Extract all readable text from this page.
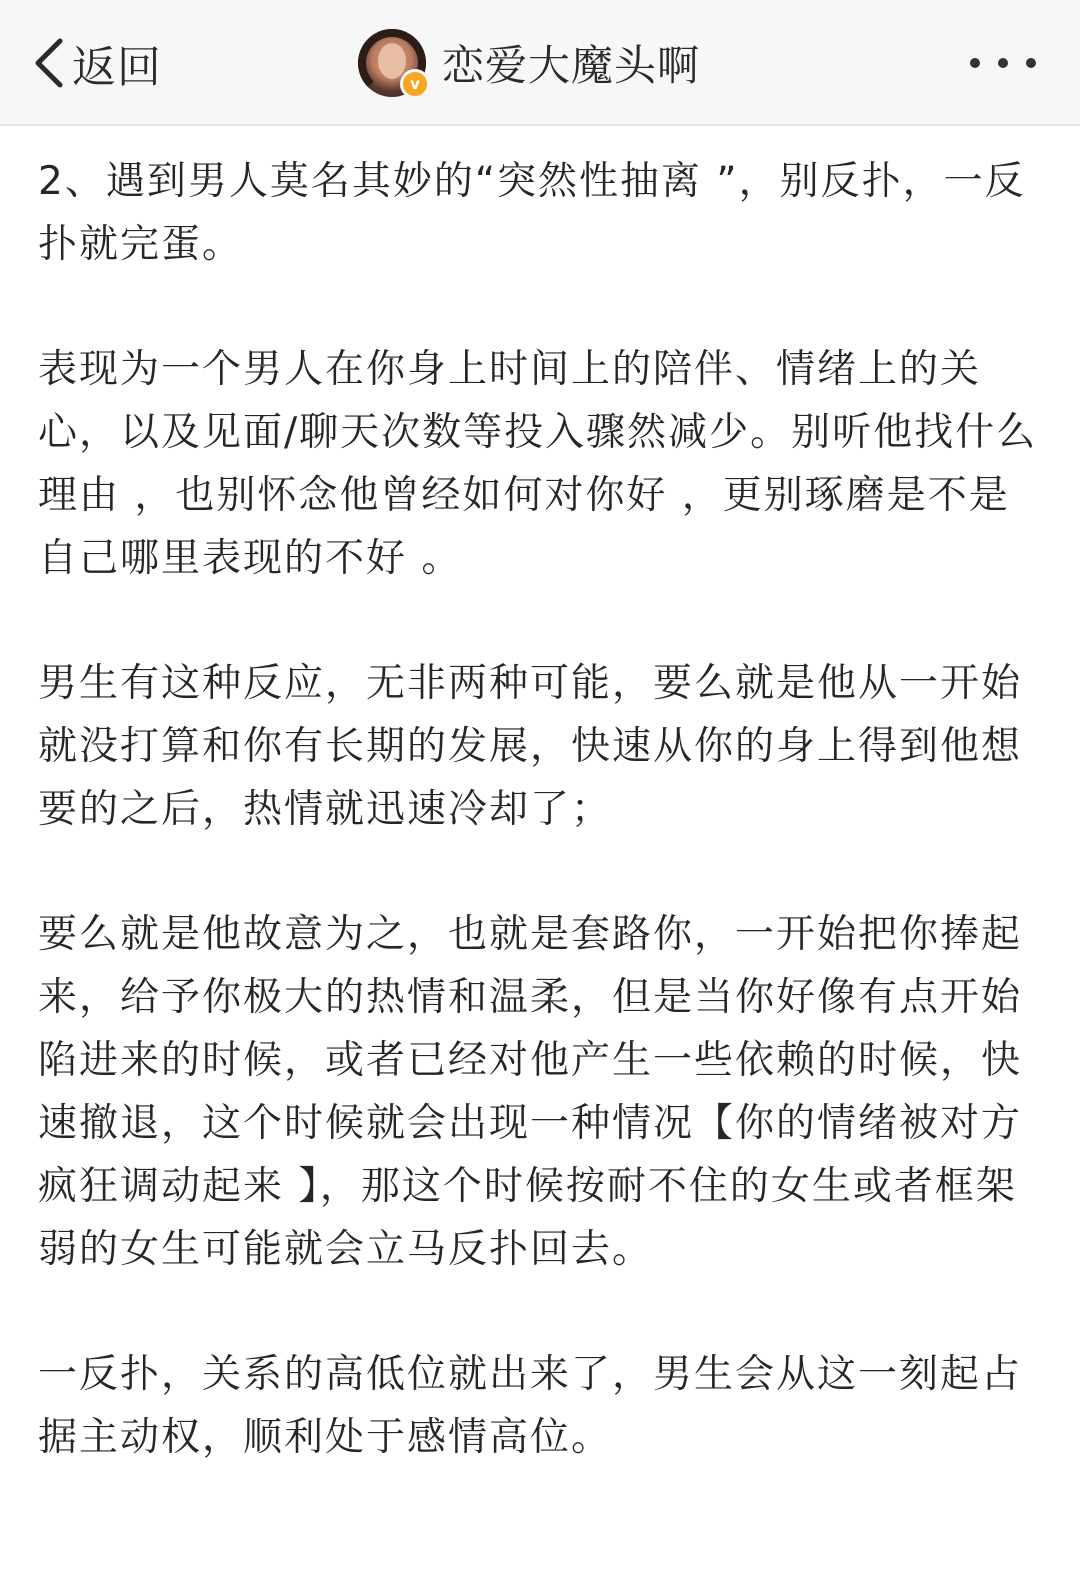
返回	v 恋爱大魔头啊

2、遇到男人莫名其妙的“突然性抽离 ”，别反扑，一反扑就完蛋。

表现为一个男人在你身上时间上的陪伴、情绪上的关心，以及见面/聊天次数等投入骤然减少。别听他找什么理由 ，也别怀念他曾经如何对你好 ，更别琢磨是不是自己哪里表现的不好 。

男生有这种反应，无非两种可能，要么就是他从一开始就没打算和你有长期的发展，快速从你的身上得到他想要的之后，热情就迅速冷却了；

要么就是他故意为之，也就是套路你，一开始把你捧起来，给予你极大的热情和温柔，但是当你好像有点开始陷进来的时候，或者已经对他产生一些依赖的时候，快速撤退，这个时候就会出现一种情况【你的情绪被对方疯狂调动起来 】，那这个时候按耐不住的女生或者框架弱的女生可能就会立马反扑回去。

一反扑，关系的高低位就出来了，男生会从这一刻起占据主动权，顺利处于感情高位。
